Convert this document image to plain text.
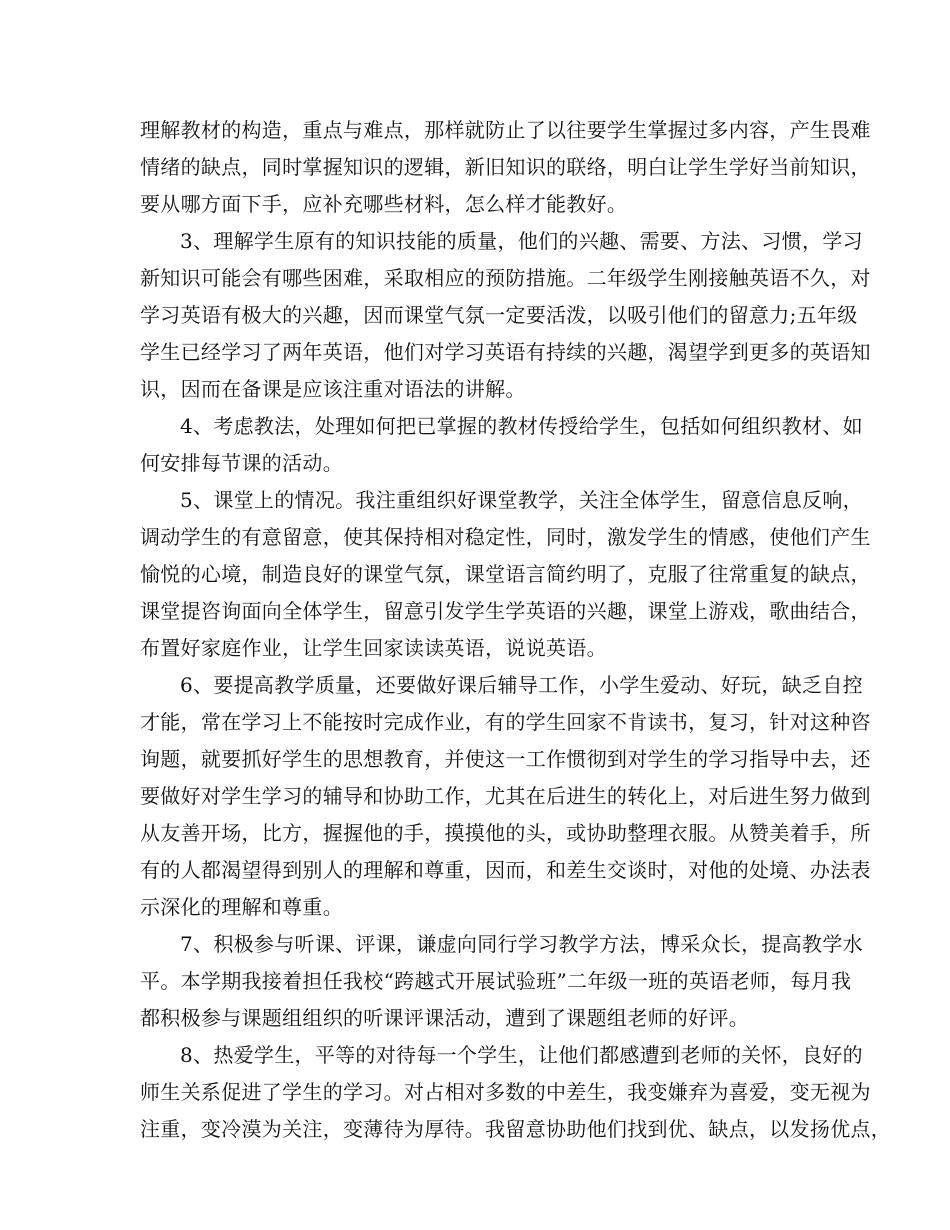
理解教材的构造，重点与难点，那样就防止了以往要学生掌握过多内容，产生畏难
情绪的缺点，同时掌握知识的逻辑，新旧知识的联络，明白让学生学好当前知识，
要从哪方面下手，应补充哪些材料，怎么样才能教好。
3、理解学生原有的知识技能的质量，他们的兴趣、需要、方法、习惯，学习
新知识可能会有哪些困难，采取相应的预防措施。二年级学生刚接触英语不久，对
学习英语有极大的兴趣，因而课堂气氛一定要活泼，以吸引他们的留意力;五年级
学生已经学习了两年英语，他们对学习英语有持续的兴趣，渴望学到更多的英语知
识，因而在备课是应该注重对语法的讲解。
4、考虑教法，处理如何把已掌握的教材传授给学生，包括如何组织教材、如
何安排每节课的活动。
5、课堂上的情况。我注重组织好课堂教学，关注全体学生，留意信息反响，
调动学生的有意留意，使其保持相对稳定性，同时，激发学生的情感，使他们产生
愉悦的心境，制造良好的课堂气氛，课堂语言简约明了，克服了往常重复的缺点，
课堂提咨询面向全体学生，留意引发学生学英语的兴趣，课堂上游戏，歌曲结合，
布置好家庭作业，让学生回家读读英语，说说英语。
6、要提高教学质量，还要做好课后辅导工作，小学生爱动、好玩，缺乏自控
才能，常在学习上不能按时完成作业，有的学生回家不肯读书，复习，针对这种咨
询题，就要抓好学生的思想教育，并使这一工作惯彻到对学生的学习指导中去，还
要做好对学生学习的辅导和协助工作，尤其在后进生的转化上，对后进生努力做到
从友善开场，比方，握握他的手，摸摸他的头，或协助整理衣服。从赞美着手，所
有的人都渴望得到别人的理解和尊重，因而，和差生交谈时，对他的处境、办法表
示深化的理解和尊重。
7、积极参与听课、评课，谦虚向同行学习教学方法，博采众长，提高教学水
平。本学期我接着担任我校“跨越式开展试验班”二年级一班的英语老师，每月我
都积极参与课题组组织的听课评课活动，遭到了课题组老师的好评。
8、热爱学生，平等的对待每一个学生，让他们都感遭到老师的关怀，良好的
师生关系促进了学生的学习。对占相对多数的中差生，我变嫌弃为喜爱，变无视为
注重，变冷漠为关注，变薄待为厚待。我留意协助他们找到优、缺点，以发扬优点，
